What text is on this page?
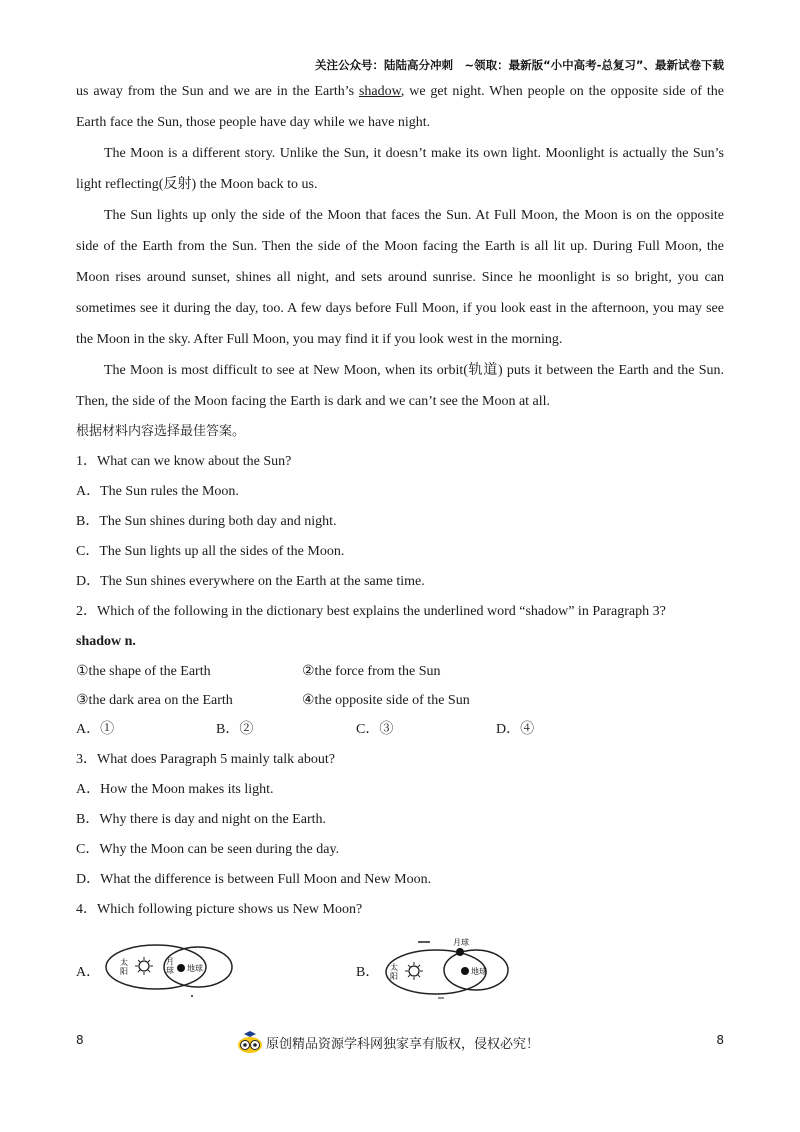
关注公众号：陆陆高分冲刺　~领取：最新版“小中高考-总复习”、最新试卷下载

us away from the Sun and we are in the Earth’s shadow, we get night. When people on the opposite side of the Earth face the Sun, those people have day while we have night.

The Moon is a different story. Unlike the Sun, it doesn’t make its own light. Moonlight is actually the Sun’s light reflecting(反射) the Moon back to us.

The Sun lights up only the side of the Moon that faces the Sun. At Full Moon, the Moon is on the opposite side of the Earth from the Sun. Then the side of the Moon facing the Earth is all lit up. During Full Moon, the Moon rises around sunset, shines all night, and sets around sunrise. Since he moonlight is so bright, you can sometimes see it during the day, too. A few days before Full Moon, if you look east in the afternoon, you may see the Moon in the sky. After Full Moon, you may find it if you look west in the morning.

The Moon is most difficult to see at New Moon, when its orbit(轨道) puts it between the Earth and the Sun. Then, the side of the Moon facing the Earth is dark and we can’t see the Moon at all.

根据材料内容选择最佳答案。

1．What can we know about the Sun?

A．The Sun rules the Moon.

B．The Sun shines during both day and night.

C．The Sun lights up all the sides of the Moon.

D．The Sun shines everywhere on the Earth at the same time.

2．Which of the following in the dictionary best explains the underlined word “shadow” in Paragraph 3?

shadow n.

①the shape of the Earth	②the force from the Sun
③the dark area on the Earth	④the opposite side of the Sun
A．①	B．②	C．③	D．④

3．What does Paragraph 5 mainly talk about?

A．How the Moon makes its light.

B．Why there is day and night on the Earth.

C．Why the Moon can be seen during the day.

D．What the difference is between Full Moon and New Moon.

4．Which following picture shows us New Moon?

A．
太
阳
月
球 地球	B．
月球
太
阳
地球
8	原创精品资源学科网独家享有版权，侵权必究！	8
